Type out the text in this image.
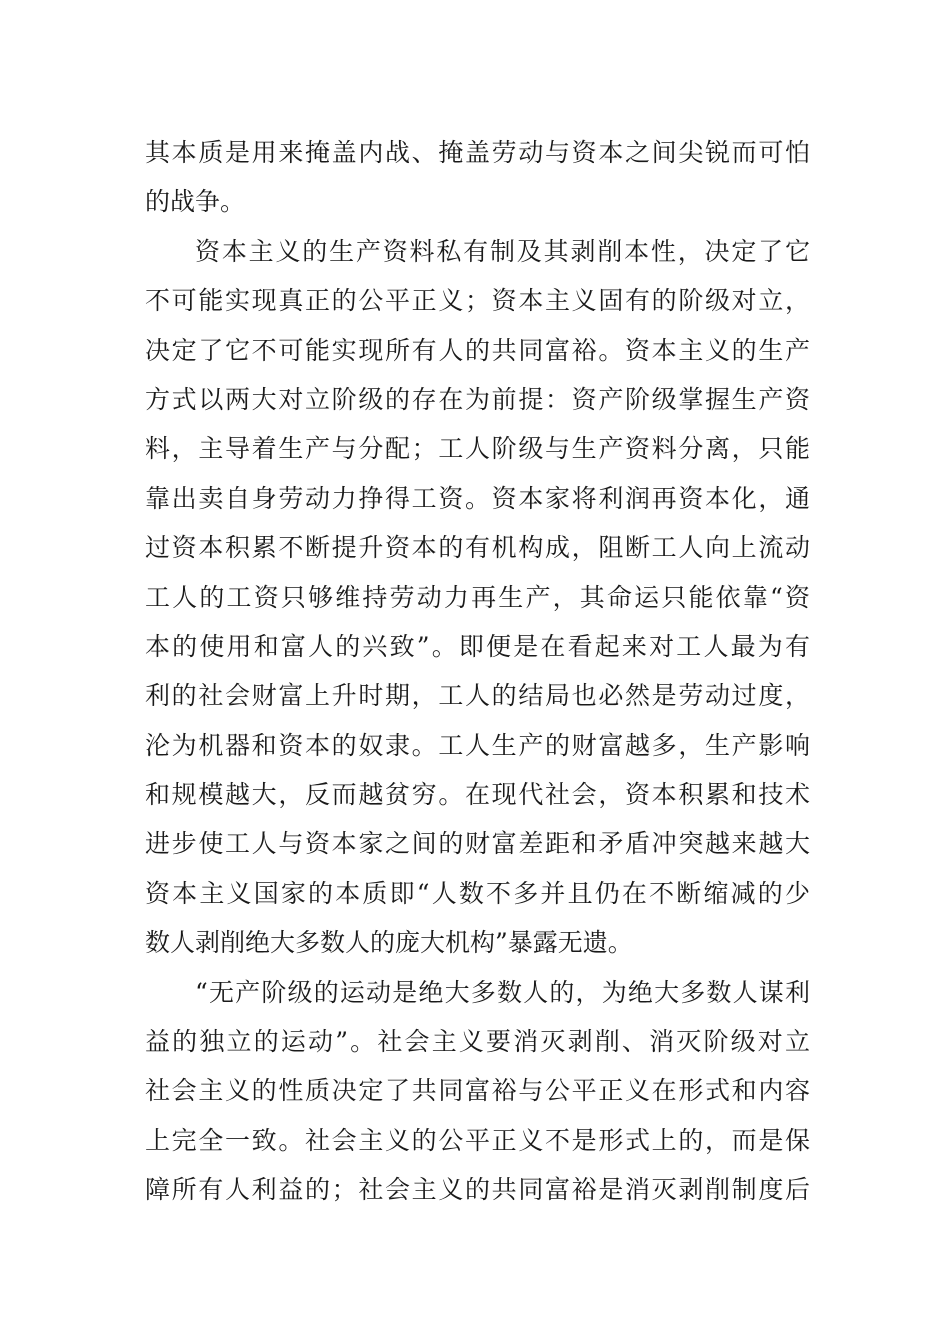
其本质是用来掩盖内战、掩盖劳动与资本之间尖锐而可怕
的战争。
资本主义的生产资料私有制及其剥削本性，决定了它
不可能实现真正的公平正义；资本主义固有的阶级对立，
决定了它不可能实现所有人的共同富裕。资本主义的生产
方式以两大对立阶级的存在为前提：资产阶级掌握生产资
料，主导着生产与分配；工人阶级与生产资料分离，只能
靠出卖自身劳动力挣得工资。资本家将利润再资本化，通
过资本积累不断提升资本的有机构成，阻断工人向上流动
工人的工资只够维持劳动力再生产，其命运只能依靠“资
本的使用和富人的兴致”。即便是在看起来对工人最为有
利的社会财富上升时期，工人的结局也必然是劳动过度，
沦为机器和资本的奴隶。工人生产的财富越多，生产影响
和规模越大，反而越贫穷。在现代社会，资本积累和技术
进步使工人与资本家之间的财富差距和矛盾冲突越来越大
资本主义国家的本质即“人数不多并且仍在不断缩减的少
数人剥削绝大多数人的庞大机构”暴露无遗。
“无产阶级的运动是绝大多数人的，为绝大多数人谋利
益的独立的运动”。社会主义要消灭剥削、消灭阶级对立
社会主义的性质决定了共同富裕与公平正义在形式和内容
上完全一致。社会主义的公平正义不是形式上的，而是保
障所有人利益的；社会主义的共同富裕是消灭剥削制度后
